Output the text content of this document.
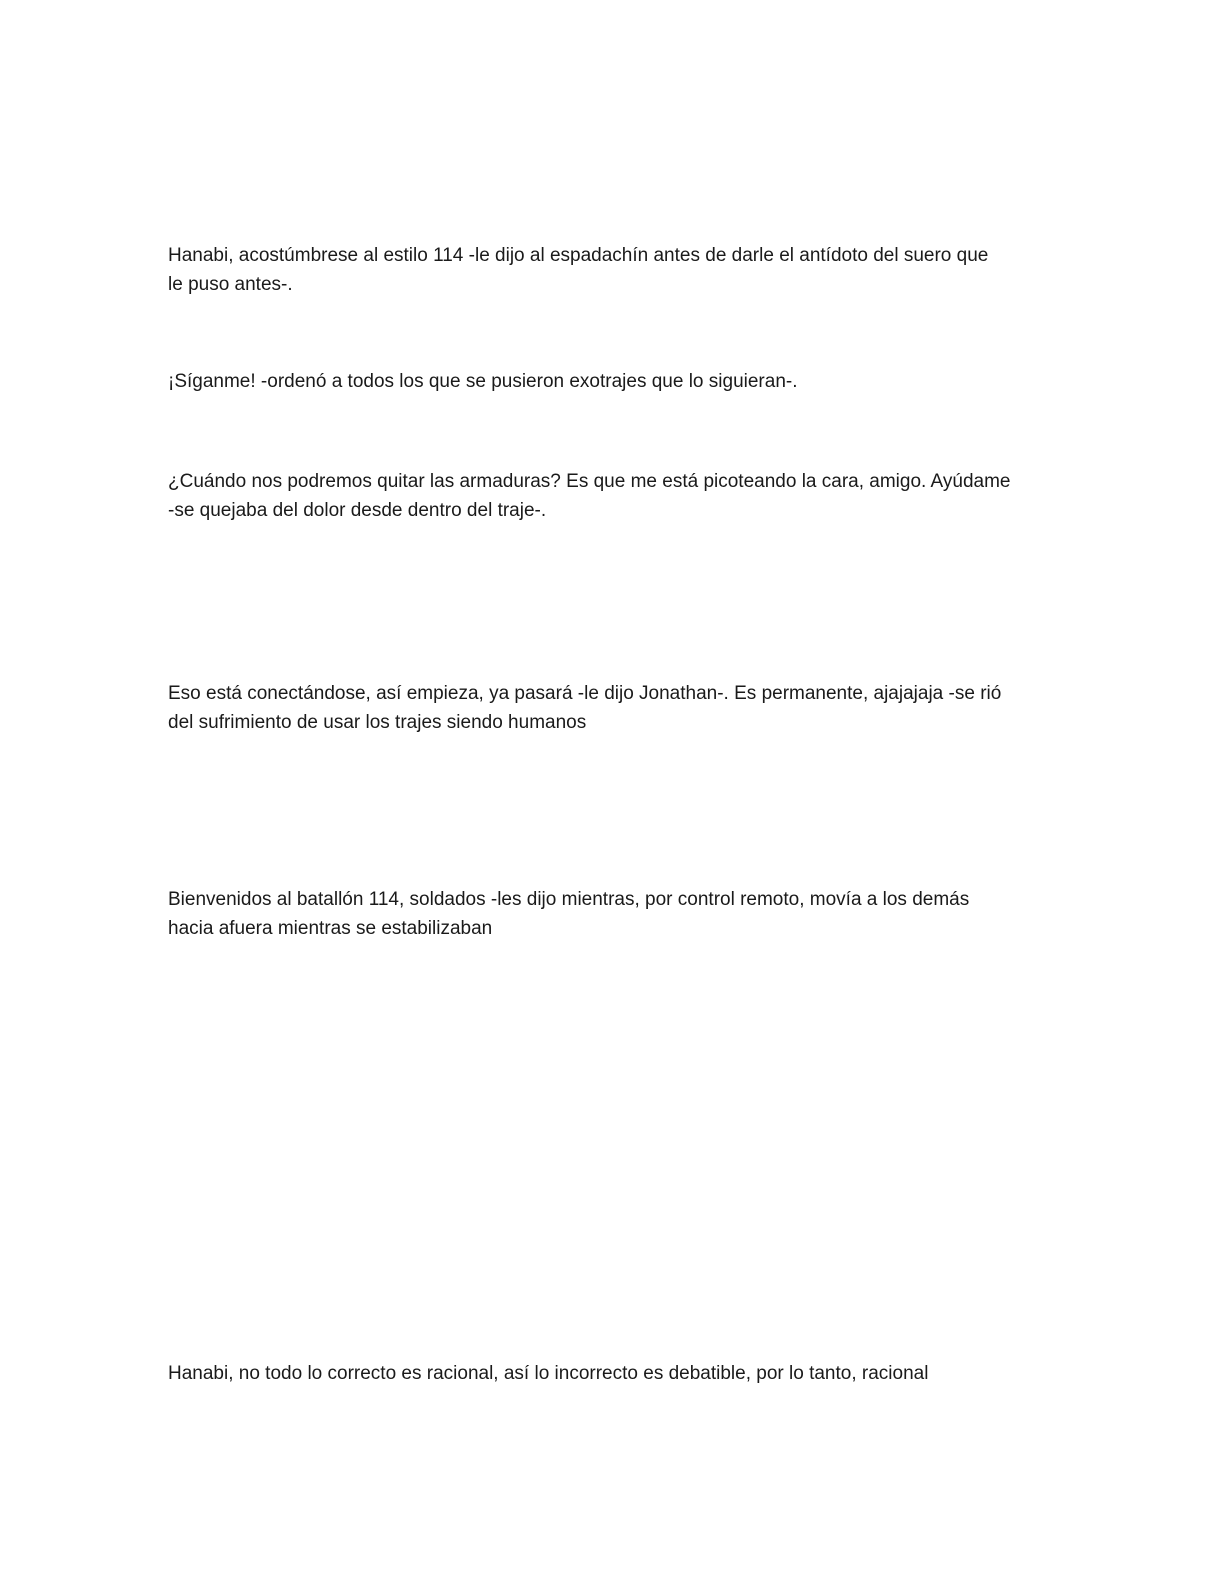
Hanabi, acostúmbrese al estilo 114 -le dijo al espadachín antes de darle el antídoto del suero que
le puso antes-.

¡Síganme! -ordenó a todos los que se pusieron exotrajes que lo siguieran-.

¿Cuándo nos podremos quitar las armaduras? Es que me está picoteando la cara, amigo. Ayúdame
-se quejaba del dolor desde dentro del traje-.

Eso está conectándose, así empieza, ya pasará -le dijo Jonathan-. Es permanente, ajajajaja -se rió
del sufrimiento de usar los trajes siendo humanos

Bienvenidos al batallón 114, soldados -les dijo mientras, por control remoto, movía a los demás
hacia afuera mientras se estabilizaban

Hanabi, no todo lo correcto es racional, así lo incorrecto es debatible, por lo tanto, racional
